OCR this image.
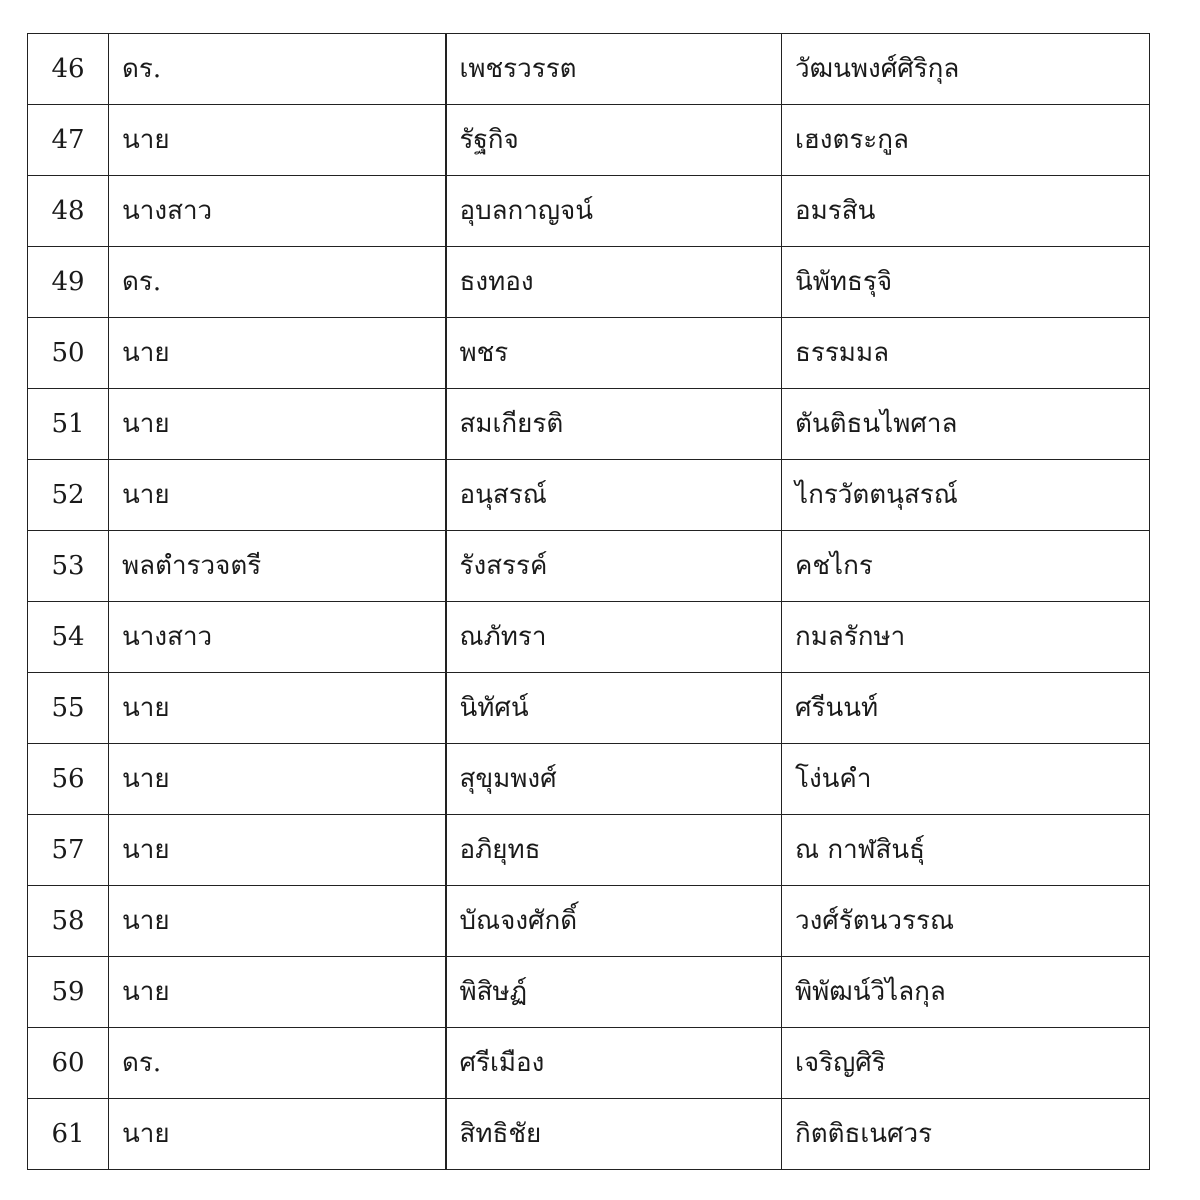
46	ดร.	เพชรวรรต	วัฒนพงศ์ศิริกุล
47	นาย	รัฐกิจ	เฮงตระกูล
48	นางสาว	อุบลกาญจน์	อมรสิน
49	ดร.	ธงทอง	นิพัทธรุจิ
50	นาย	พชร	ธรรมมล
51	นาย	สมเกียรติ	ตันติธนไพศาล
52	นาย	อนุสรณ์	ไกรวัตตนุสรณ์
53	พลตำรวจตรี	รังสรรค์	คชไกร
54	นางสาว	ณภัทรา	กมลรักษา
55	นาย	นิทัศน์	ศรีนนท์
56	นาย	สุขุมพงศ์	โง่นคำ
57	นาย	อภิยุทธ	ณ กาฬสินธุ์
58	นาย	บัณจงศักดิ์	วงศ์รัตนวรรณ
59	นาย	พิสิษฏ์	พิพัฒน์วิไลกุล
60	ดร.	ศรีเมือง	เจริญศิริ
61	นาย	สิทธิชัย	กิตติธเนศวร
